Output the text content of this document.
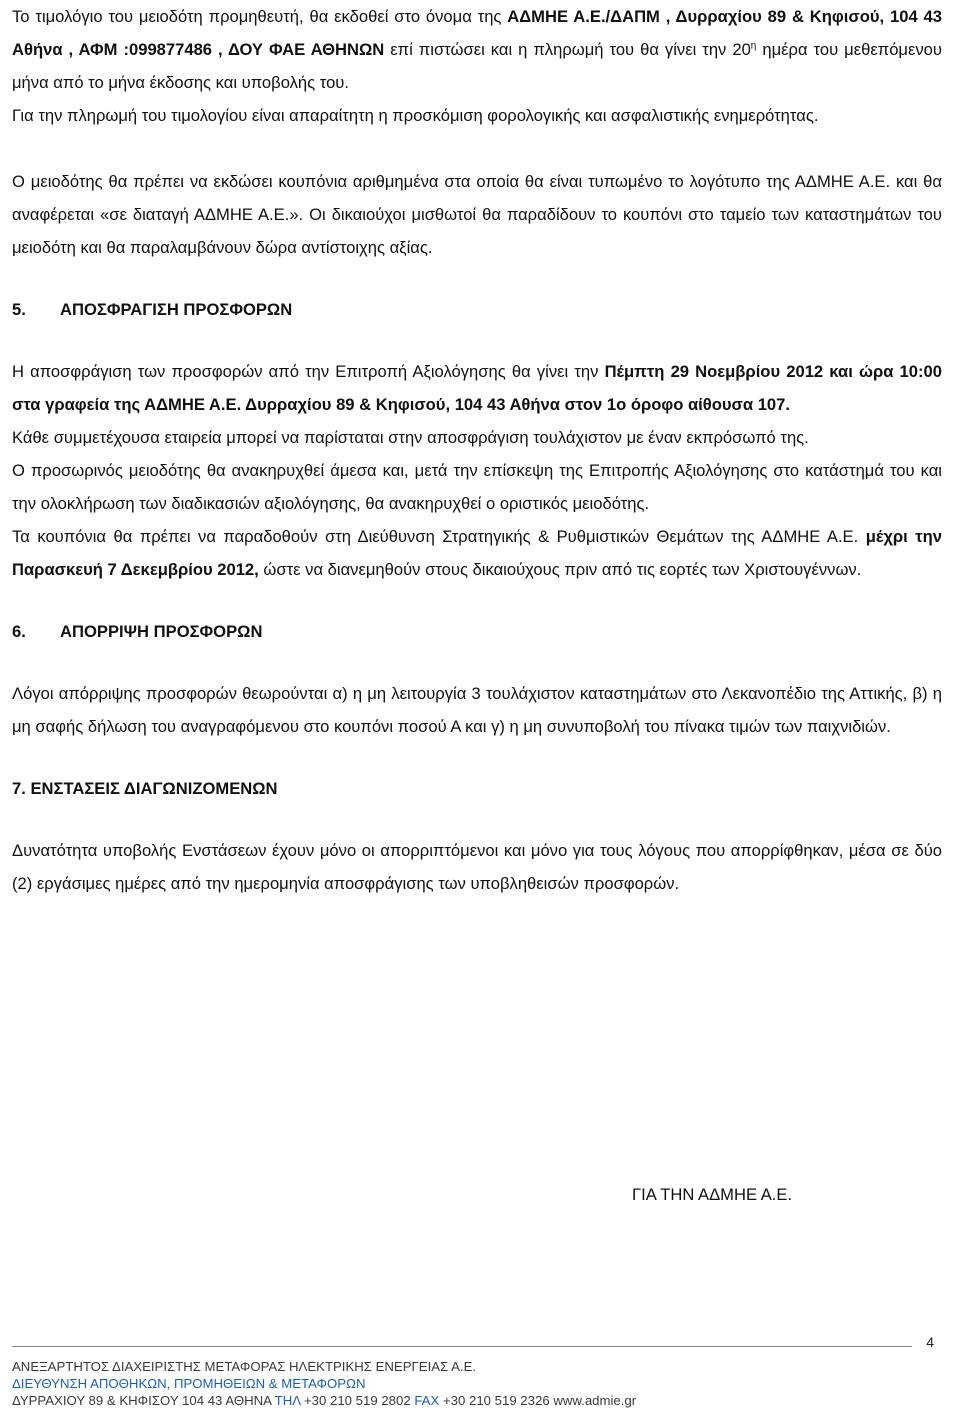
Το τιμολόγιο του μειοδότη προμηθευτή, θα εκδοθεί στο όνομα της ΑΔΜΗΕ Α.Ε./ΔΑΠΜ , Δυρραχίου 89 & Κηφισού, 104 43 Αθήνα , ΑΦΜ :099877486 , ΔΟΥ ΦΑΕ ΑΘΗΝΩΝ επί πιστώσει και η πληρωμή του θα γίνει την $20^\eta$ ημέρα του μεθεπόμενου μήνα από το μήνα έκδοσης και υποβολής του.

Για την πληρωμή του τιμολογίου είναι απαραίτητη η προσκόμιση φορολογικής και ασφαλιστικής ενημερότητας.

Ο μειοδότης θα πρέπει να εκδώσει κουπόνια αριθμημένα στα οποία θα είναι τυπωμένο το λογότυπο της ΑΔΜΗΕ Α.Ε. και θα αναφέρεται «σε διαταγή ΑΔΜΗΕ Α.Ε.». Οι δικαιούχοι μισθωτοί θα παραδίδουν το κουπόνι στο ταμείο των καταστημάτων του μειοδότη και θα παραλαμβάνουν δώρα αντίστοιχης αξίας.

5. ΑΠΟΣΦΡΑΓΙΣΗ ΠΡΟΣΦΟΡΩΝ

Η αποσφράγιση των προσφορών από την Επιτροπή Αξιολόγησης θα γίνει την Πέμπτη 29 Νοεμβρίου 2012 και ώρα 10:00 στα γραφεία της ΑΔΜΗΕ Α.Ε. Δυρραχίου 89 & Κηφισού, 104 43 Αθήνα στον 1ο όροφο αίθουσα 107.

Κάθε συμμετέχουσα εταιρεία μπορεί να παρίσταται στην αποσφράγιση τουλάχιστον με έναν εκπρόσωπό της.

Ο προσωρινός μειοδότης θα ανακηρυχθεί άμεσα και, μετά την επίσκεψη της Επιτροπής Αξιολόγησης στο κατάστημά του και την ολοκλήρωση των διαδικασιών αξιολόγησης, θα ανακηρυχθεί ο οριστικός μειοδότης.

Τα κουπόνια θα πρέπει να παραδοθούν στη Διεύθυνση Στρατηγικής & Ρυθμιστικών Θεμάτων της ΑΔΜΗΕ Α.Ε. μέχρι την Παρασκευή 7 Δεκεμβρίου 2012, ώστε να διανεμηθούν στους δικαιούχους πριν από τις εορτές των Χριστουγέννων.

6. ΑΠΟΡΡΙΨΗ ΠΡΟΣΦΟΡΩΝ

Λόγοι απόρριψης προσφορών θεωρούνται α) η μη λειτουργία 3 τουλάχιστον καταστημάτων στο Λεκανοπέδιο της Αττικής, β) η μη σαφής δήλωση του αναγραφόμενου στο κουπόνι ποσού Α και γ) η μη συνυποβολή του πίνακα τιμών των παιχνιδιών.

7. ΕΝΣΤΑΣΕΙΣ ΔΙΑΓΩΝΙΖΟΜΕΝΩΝ

Δυνατότητα υποβολής Ενστάσεων έχουν μόνο οι απορριπτόμενοι και μόνο για τους λόγους που απορρίφθηκαν, μέσα σε δύο (2) εργάσιμες ημέρες από την ημερομηνία αποσφράγισης των υποβληθεισών προσφορών.

ΓΙΑ ΤΗΝ ΑΔΜΗΕ Α.Ε.
4
ΑΝΕΞΑΡΤΗΤΟΣ ΔΙΑΧΕΙΡΙΣΤΗΣ ΜΕΤΑΦΟΡΑΣ ΗΛΕΚΤΡΙΚΗΣ ΕΝΕΡΓΕΙΑΣ Α.Ε.
ΔΙΕΥΘΥΝΣΗ ΑΠΟΘΗΚΩΝ, ΠΡΟΜΗΘΕΙΩΝ & ΜΕΤΑΦΟΡΩΝ
ΔΥΡΡΑΧΙΟΥ 89 & ΚΗΦΙΣΟΥ 104 43 ΑΘΗΝΑ ΤΗΛ +30 210 519 2802 FAX +30 210 519 2326 www.admie.gr
